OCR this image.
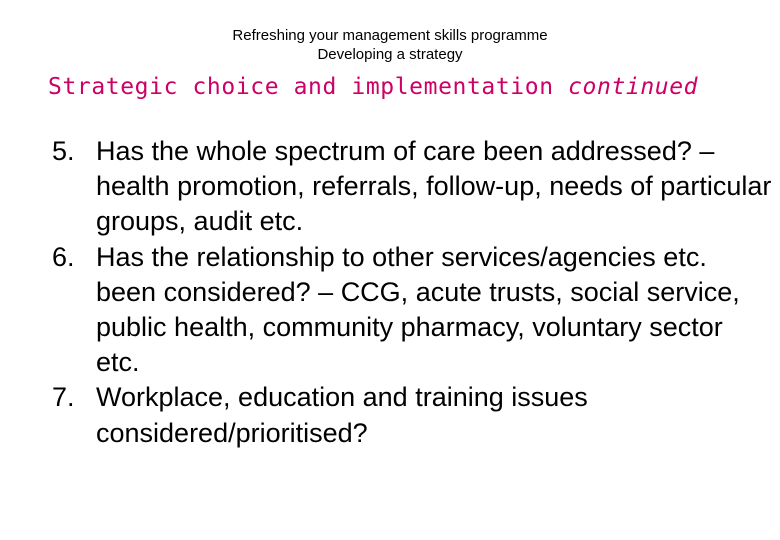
Refreshing your management skills programme
Developing a strategy
Strategic choice and implementation continued
5. Has the whole spectrum of care been addressed? – health promotion, referrals, follow-up, needs of particular groups, audit etc.
6. Has the relationship to other services/agencies etc. been considered? – CCG, acute trusts, social service, public health, community pharmacy, voluntary sector etc.
7. Workplace, education and training issues considered/prioritised?
